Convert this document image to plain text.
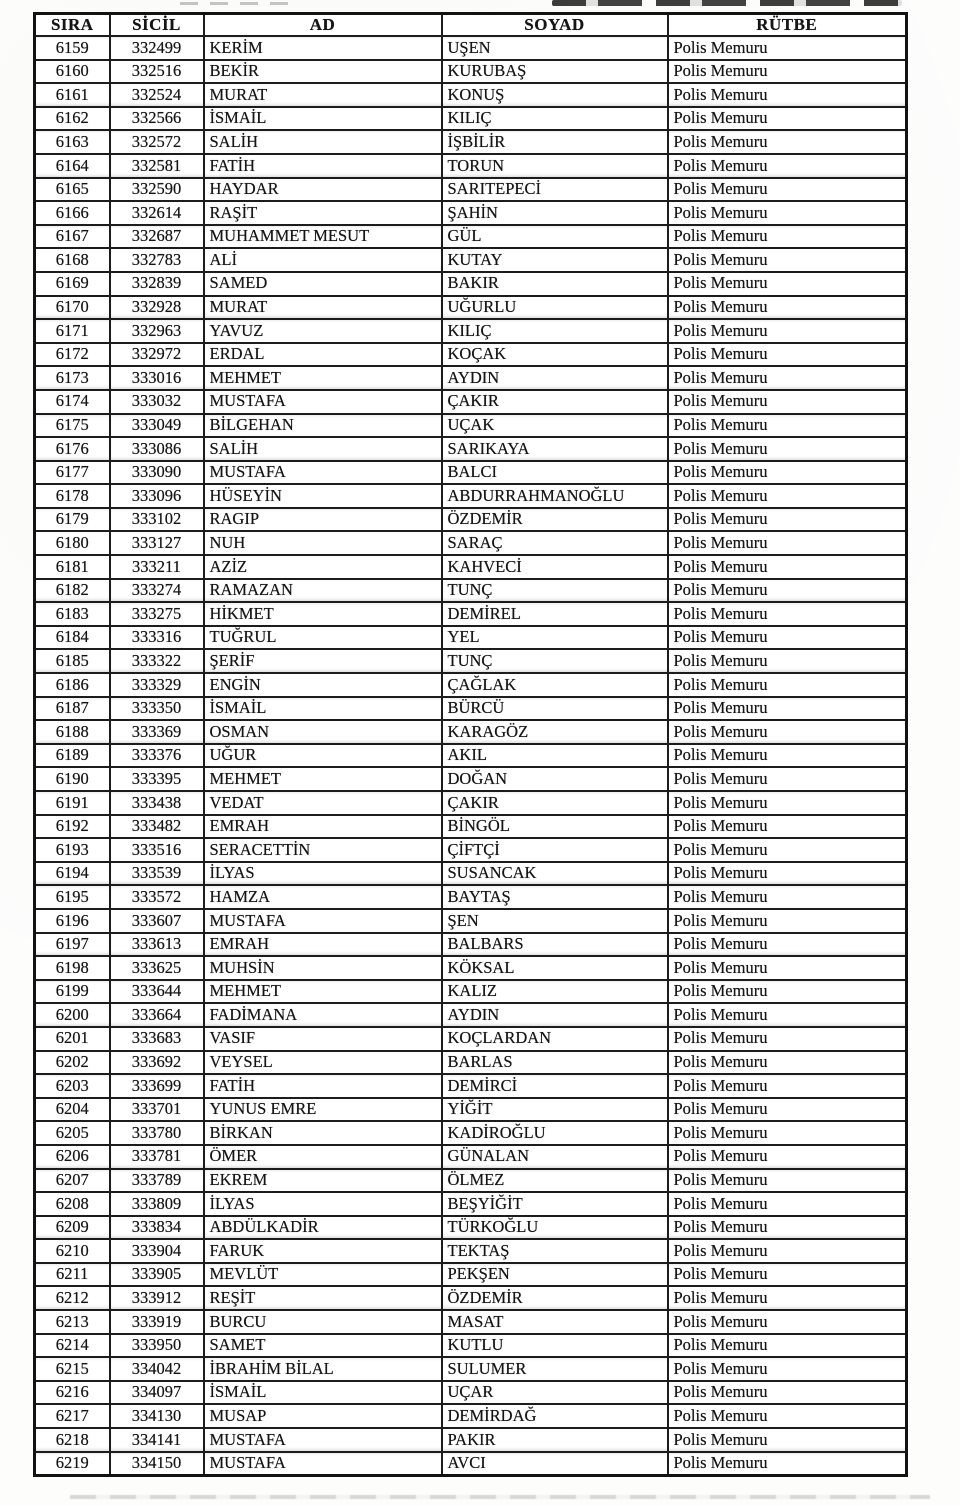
SIRA	SİCİL	AD	SOYAD	RÜTBE
6159	332499	KERİM	UŞEN	Polis Memuru
6160	332516	BEKİR	KURUBAŞ	Polis Memuru
6161	332524	MURAT	KONUŞ	Polis Memuru
6162	332566	İSMAİL	KILIÇ	Polis Memuru
6163	332572	SALİH	İŞBİLİR	Polis Memuru
6164	332581	FATİH	TORUN	Polis Memuru
6165	332590	HAYDAR	SARITEPECİ	Polis Memuru
6166	332614	RAŞİT	ŞAHİN	Polis Memuru
6167	332687	MUHAMMET MESUT	GÜL	Polis Memuru
6168	332783	ALİ	KUTAY	Polis Memuru
6169	332839	SAMED	BAKIR	Polis Memuru
6170	332928	MURAT	UĞURLU	Polis Memuru
6171	332963	YAVUZ	KILIÇ	Polis Memuru
6172	332972	ERDAL	KOÇAK	Polis Memuru
6173	333016	MEHMET	AYDIN	Polis Memuru
6174	333032	MUSTAFA	ÇAKIR	Polis Memuru
6175	333049	BİLGEHAN	UÇAK	Polis Memuru
6176	333086	SALİH	SARIKAYA	Polis Memuru
6177	333090	MUSTAFA	BALCI	Polis Memuru
6178	333096	HÜSEYİN	ABDURRAHMANOĞLU	Polis Memuru
6179	333102	RAGIP	ÖZDEMİR	Polis Memuru
6180	333127	NUH	SARAÇ	Polis Memuru
6181	333211	AZİZ	KAHVECİ	Polis Memuru
6182	333274	RAMAZAN	TUNÇ	Polis Memuru
6183	333275	HİKMET	DEMİREL	Polis Memuru
6184	333316	TUĞRUL	YEL	Polis Memuru
6185	333322	ŞERİF	TUNÇ	Polis Memuru
6186	333329	ENGİN	ÇAĞLAK	Polis Memuru
6187	333350	İSMAİL	BÜRCÜ	Polis Memuru
6188	333369	OSMAN	KARAGÖZ	Polis Memuru
6189	333376	UĞUR	AKIL	Polis Memuru
6190	333395	MEHMET	DOĞAN	Polis Memuru
6191	333438	VEDAT	ÇAKIR	Polis Memuru
6192	333482	EMRAH	BİNGÖL	Polis Memuru
6193	333516	SERACETTİN	ÇİFTÇİ	Polis Memuru
6194	333539	İLYAS	SUSANCAK	Polis Memuru
6195	333572	HAMZA	BAYTAŞ	Polis Memuru
6196	333607	MUSTAFA	ŞEN	Polis Memuru
6197	333613	EMRAH	BALBARS	Polis Memuru
6198	333625	MUHSİN	KÖKSAL	Polis Memuru
6199	333644	MEHMET	KALIZ	Polis Memuru
6200	333664	FADİMANA	AYDIN	Polis Memuru
6201	333683	VASIF	KOÇLARDAN	Polis Memuru
6202	333692	VEYSEL	BARLAS	Polis Memuru
6203	333699	FATİH	DEMİRCİ	Polis Memuru
6204	333701	YUNUS EMRE	YİĞİT	Polis Memuru
6205	333780	BİRKAN	KADİROĞLU	Polis Memuru
6206	333781	ÖMER	GÜNALAN	Polis Memuru
6207	333789	EKREM	ÖLMEZ	Polis Memuru
6208	333809	İLYAS	BEŞYİĞİT	Polis Memuru
6209	333834	ABDÜLKADİR	TÜRKOĞLU	Polis Memuru
6210	333904	FARUK	TEKTAŞ	Polis Memuru
6211	333905	MEVLÜT	PEKŞEN	Polis Memuru
6212	333912	REŞİT	ÖZDEMİR	Polis Memuru
6213	333919	BURCU	MASAT	Polis Memuru
6214	333950	SAMET	KUTLU	Polis Memuru
6215	334042	İBRAHİM BİLAL	SULUMER	Polis Memuru
6216	334097	İSMAİL	UÇAR	Polis Memuru
6217	334130	MUSAP	DEMİRDAĞ	Polis Memuru
6218	334141	MUSTAFA	PAKIR	Polis Memuru
6219	334150	MUSTAFA	AVCI	Polis Memuru
